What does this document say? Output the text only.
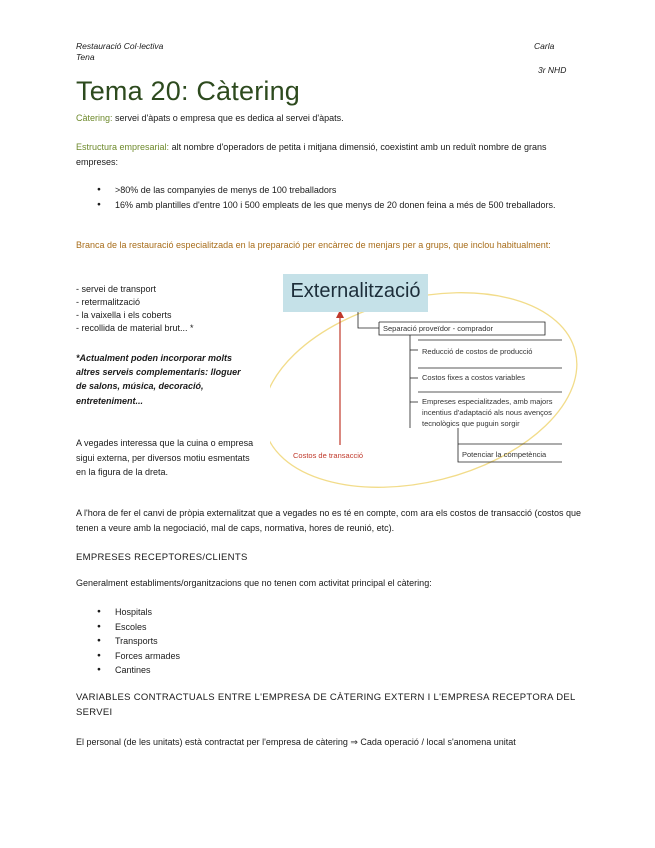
Restauració Col·lectiva
Tena
Carla
3r NHD
Tema 20: Càtering
Càtering: servei d'àpats o empresa que es dedica al servei d'àpats.
Estructura empresarial: alt nombre d'operadors de petita i mitjana dimensió, coexistint amb un reduït nombre de grans empreses:
● >80% de las companyies de menys de 100 treballadors
● 16% amb plantilles d'entre 100 i 500 empleats de les que menys de 20 donen feina a més de 500 treballadors.
Branca de la restauració especialitzada en la preparació per encàrrec de menjars per a grups, que inclou habitualment:
- servei de transport
- retermalització
- la vaixella i els coberts
- recollida de material brut... *
*Actualment poden incorporar molts altres serveis complementaris: lloguer de salons, música, decoració, entreteniment...
A vegades interessa que la cuina o empresa sigui externa, per diversos motiu esmentats en la figura de la dreta.
Externalització
Separació proveïdor - comprador
Reducció de costos de producció
Costos fixes a costos variables
Empreses especialitzades, amb majors incentius d'adaptació als nous avenços tecnològics que puguin sorgir
Potenciar la competència
Costos de transacció
A l'hora de fer el canvi de pròpia externalitzat que a vegades no es té en compte, com ara els costos de transacció (costos que tenen a veure amb la negociació, mal de caps, normativa, hores de reunió, etc).
EMPRESES RECEPTORES/CLIENTS
Generalment establiments/organitzacions que no tenen com activitat principal el càtering:
● Hospitals
● Escoles
● Transports
● Forces armades
● Cantines
VARIABLES CONTRACTUALS ENTRE L'EMPRESA DE CÀTERING EXTERN I L'EMPRESA RECEPTORA DEL SERVEI
El personal (de les unitats) està contractat per l'empresa de càtering ⇒ Cada operació / local s'anomena unitat
